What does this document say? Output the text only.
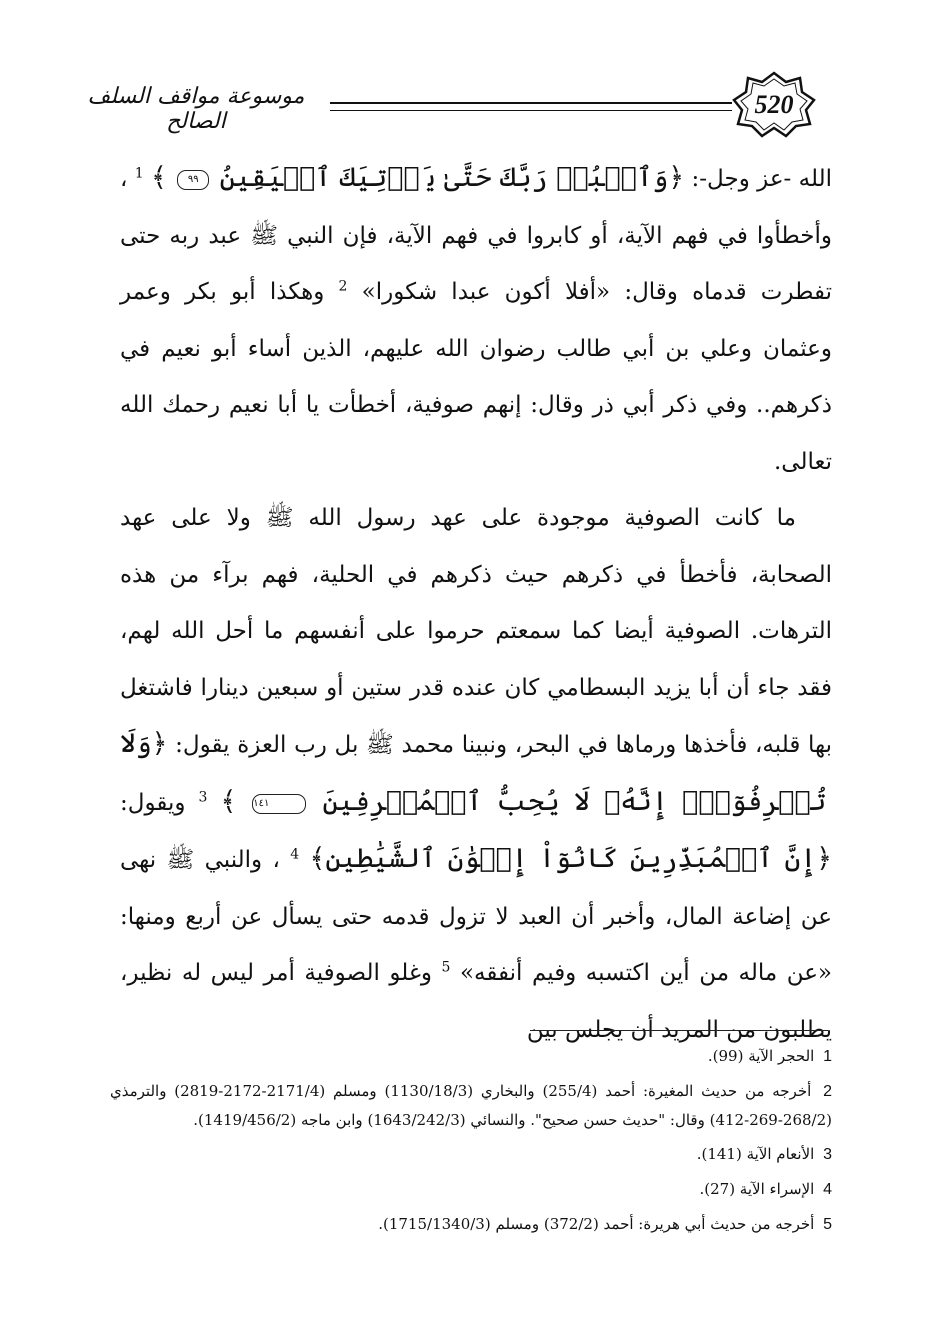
موسوعة مواقف السلف الصالح
520

الله -عز وجل-: ﴿وَٱعۡبُدۡ رَبَّكَ حَتَّىٰ يَأۡتِيَكَ ٱلۡيَقِينُ ٩٩ ﴾ $^1$ ، وأخطأوا في فهم الآية، أو كابروا في فهم الآية، فإن النبي ﷺ عبد ربه حتى تفطرت قدماه وقال: «أفلا أكون عبدا شكورا» $^2$ وهكذا أبو بكر وعمر وعثمان وعلي بن أبي طالب رضوان الله عليهم، الذين أساء أبو نعيم في ذكرهم.. وفي ذكر أبي ذر وقال: إنهم صوفية، أخطأت يا أبا نعيم رحمك الله تعالى.

ما كانت الصوفية موجودة على عهد رسول الله ﷺ ولا على عهد الصحابة، فأخطأ في ذكرهم حيث ذكرهم في الحلية، فهم برآء من هذه الترهات. الصوفية أيضا كما سمعتم حرموا على أنفسهم ما أحل الله لهم، فقد جاء أن أبا يزيد البسطامي كان عنده قدر ستين أو سبعين دينارا فاشتغل بها قلبه، فأخذها ورماها في البحر، ونبينا محمد ﷺ بل رب العزة يقول: ﴿وَلَا تُسۡرِفُوٓاْۚ إِنَّهُۥ لَا يُحِبُّ ٱلۡمُسۡرِفِينَ ١٤١ ﴾ $^3$ ويقول: ﴿إِنَّ ٱلۡمُبَذِّرِينَ كَانُوٓاْ إِخۡوَٰنَ ٱلشَّيَٰطِينِ﴾ $^4$ ، والنبي ﷺ نهى عن إضاعة المال، وأخبر أن العبد لا تزول قدمه حتى يسأل عن أربع ومنها: «عن ماله من أين اكتسبه وفيم أنفقه» $^5$ وغلو الصوفية أمر ليس له نظير، يطلبون من المريد أن يجلس بين

1 الحجر الآية (99).

2 أخرجه من حديث المغيرة: أحمد (255/4) والبخاري (1130/18/3) ومسلم (2171/4-2172-2819) والترمذي (268/2-269-412) وقال: "حديث حسن صحيح". والنسائي (1643/242/3) وابن ماجه (1419/456/2).

3 الأنعام الآية (141).

4 الإسراء الآية (27).

5 أخرجه من حديث أبي هريرة: أحمد (372/2) ومسلم (1715/1340/3).
